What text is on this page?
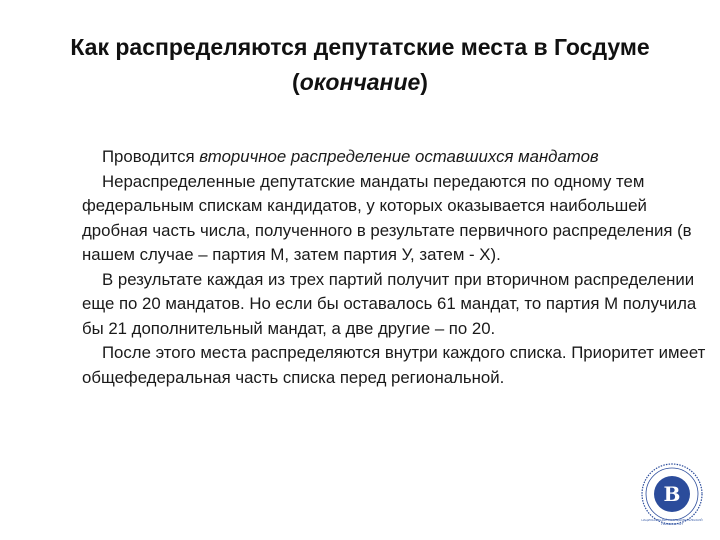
Как распределяются депутатские места в Госдуме
(окончание)

Проводится вторичное распределение оставшихся мандатов

Нераспределенные депутатские мандаты передаются по одному тем федеральным спискам кандидатов, у которых оказывается наибольшей дробная часть числа, полученного в результате первичного распределения (в нашем случае – партия М, затем партия У, затем - Х).

В результате каждая из трех партий получит при вторичном распределении еще по 20 мандатов. Но если бы оставалось 61 мандат, то партия М получила бы 21 дополнительный мандат, а две другие – по 20.

После этого места распределяются внутри каждого списка. Приоритет имеет общефедеральная часть списка перед региональной.

В
НАЦИОНАЛЬНЫЙ ИССЛЕДОВАТЕЛЬСКИЙ УНИВЕРСИТЕТ
